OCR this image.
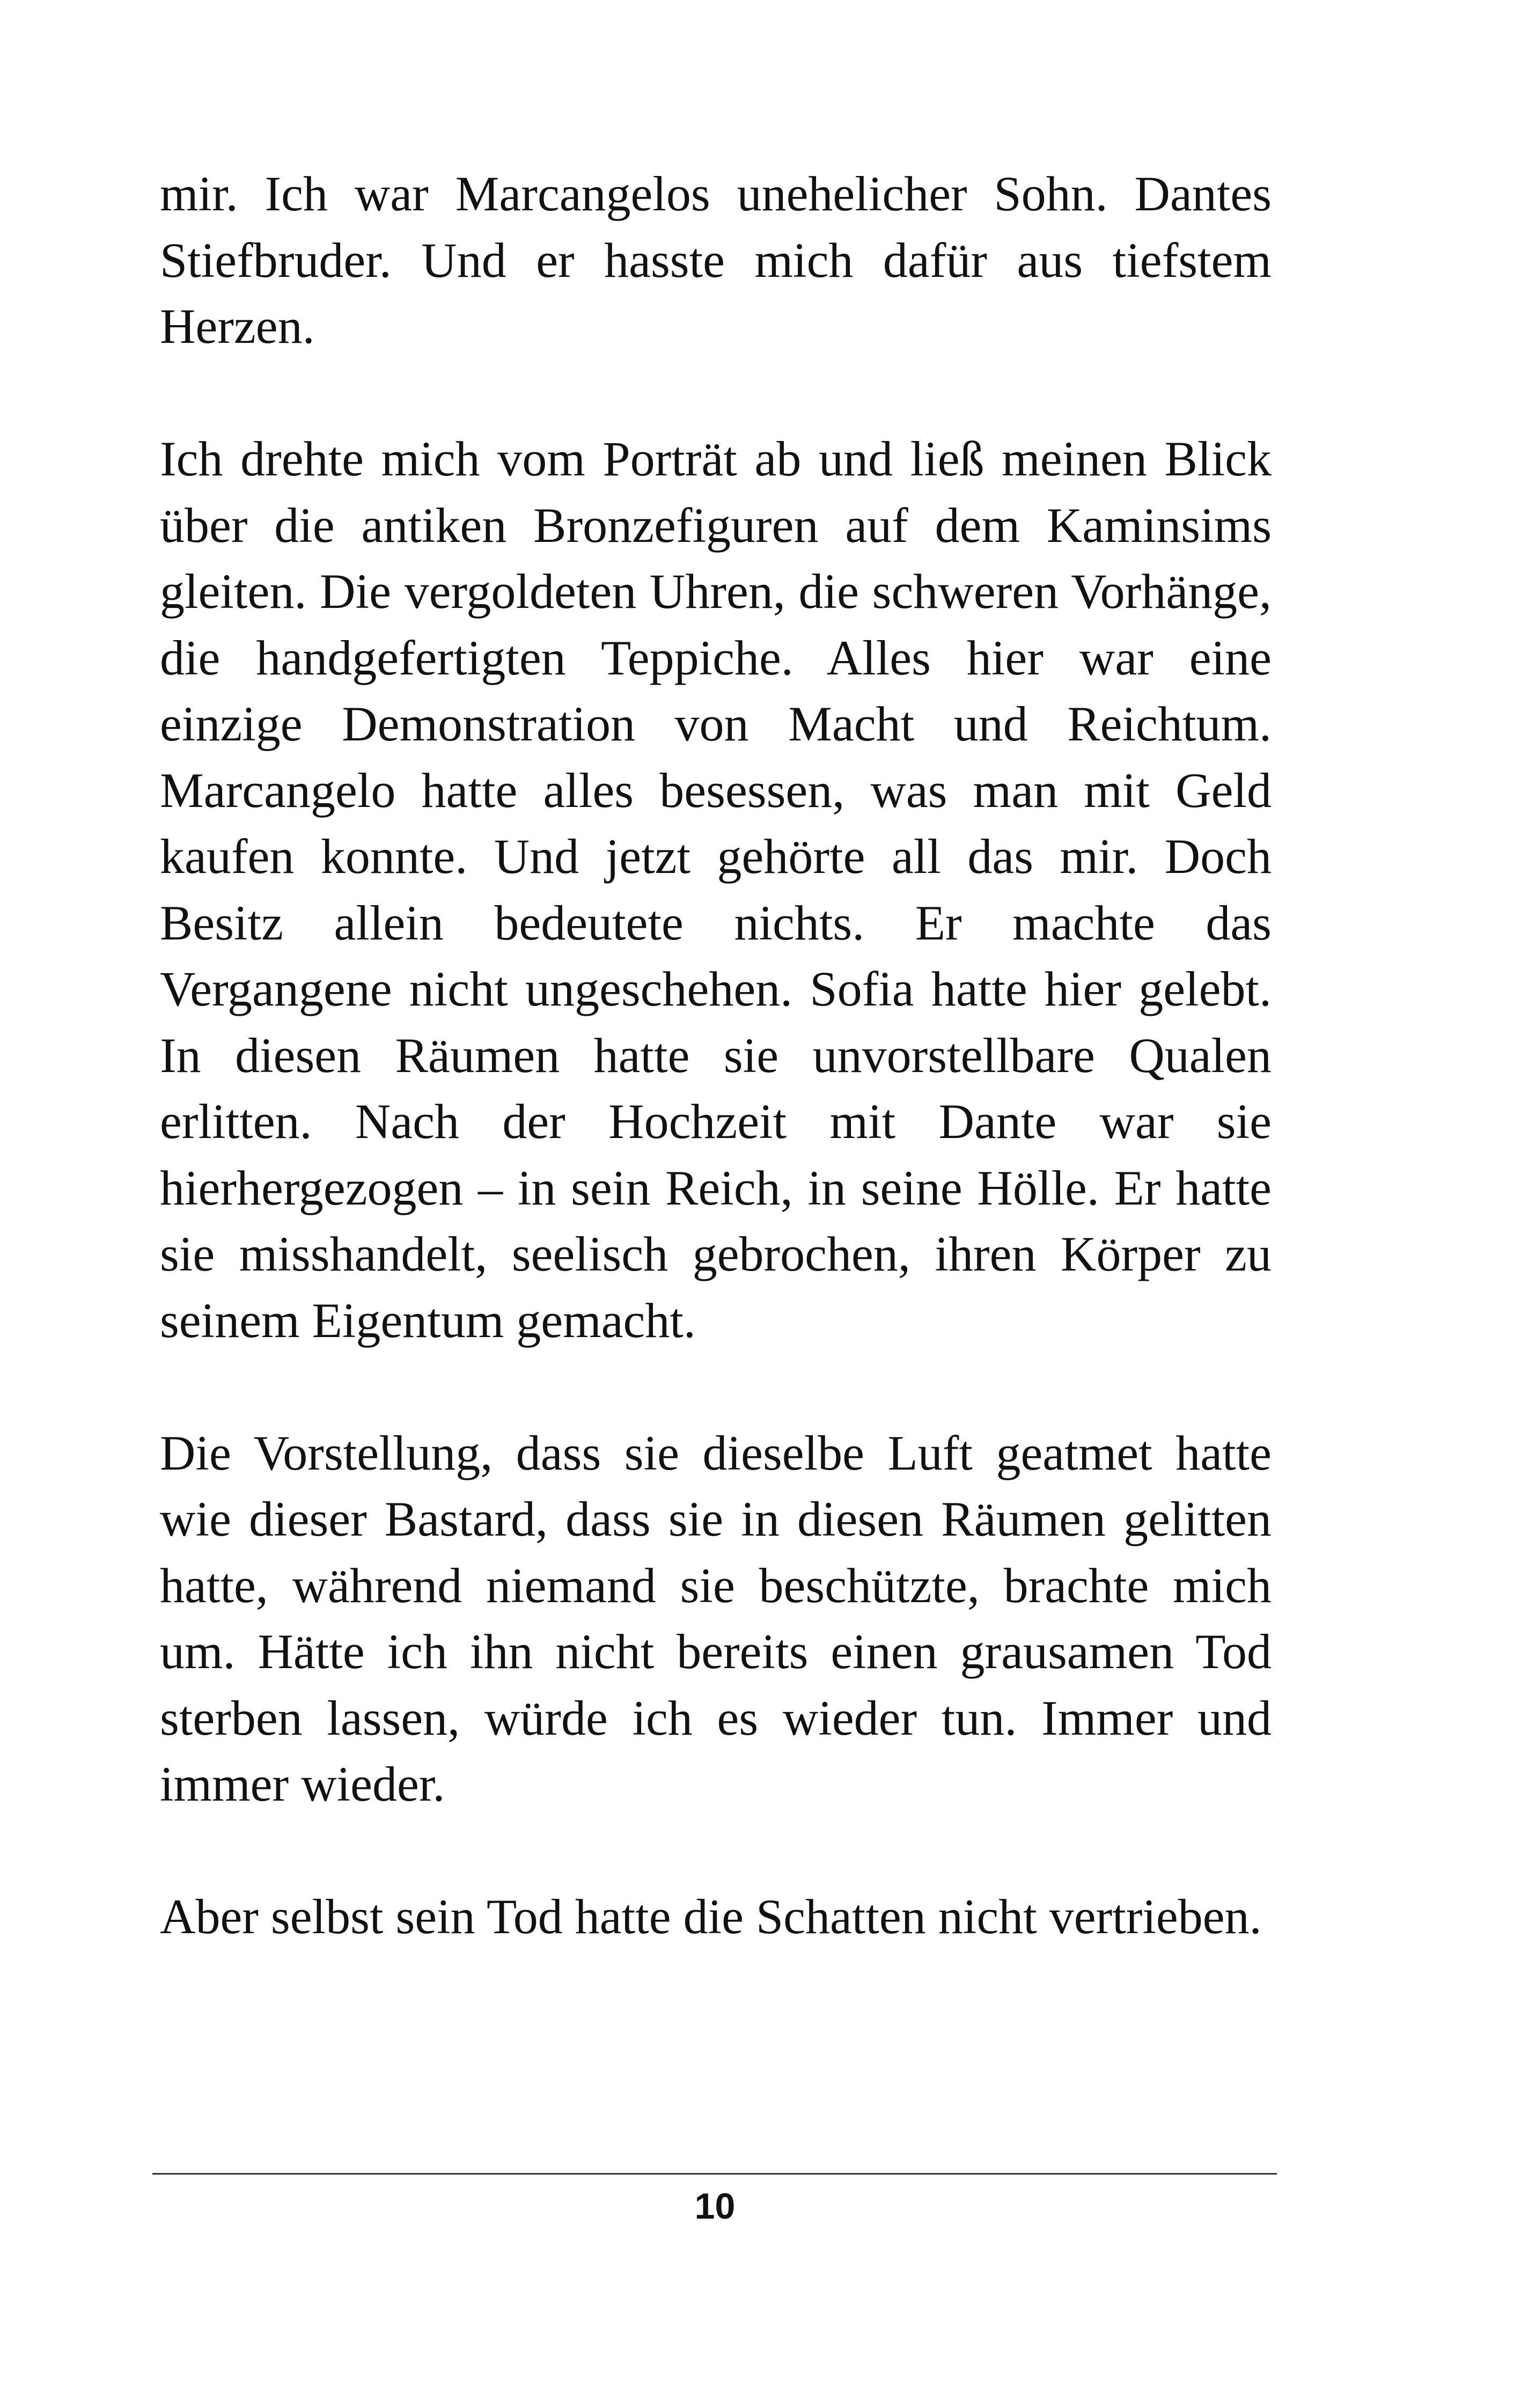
mir. Ich war Marcangelos unehelicher Sohn. Dantes Stiefbruder. Und er hasste mich dafür aus tiefstem Herzen.

Ich drehte mich vom Porträt ab und ließ meinen Blick über die antiken Bronzefiguren auf dem Kaminsims gleiten. Die vergoldeten Uhren, die schweren Vorhänge, die handgefertigten Teppiche. Alles hier war eine einzige Demonstration von Macht und Reichtum. Marcangelo hatte alles besessen, was man mit Geld kaufen konnte. Und jetzt gehörte all das mir. Doch Besitz allein bedeutete nichts. Er machte das Vergangene nicht ungeschehen. Sofia hatte hier gelebt. In diesen Räumen hatte sie unvorstellbare Qualen erlitten. Nach der Hochzeit mit Dante war sie hierhergezogen – in sein Reich, in seine Hölle. Er hatte sie misshandelt, seelisch gebrochen, ihren Körper zu seinem Eigentum gemacht.

Die Vorstellung, dass sie dieselbe Luft geatmet hatte wie dieser Bastard, dass sie in diesen Räumen gelitten hatte, während niemand sie beschützte, brachte mich um. Hätte ich ihn nicht bereits einen grausamen Tod sterben lassen, würde ich es wieder tun. Immer und immer wieder.

Aber selbst sein Tod hatte die Schatten nicht vertrieben.

10
